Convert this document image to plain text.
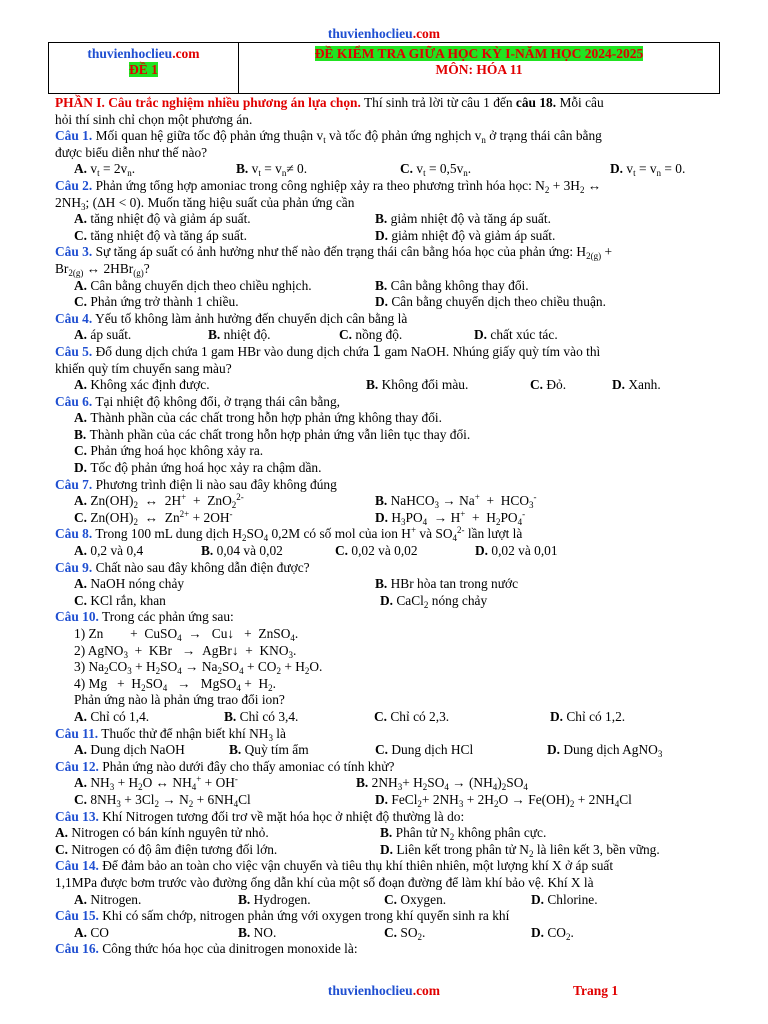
thuvienhoclieu.com
thuvienhoclieu.com
ĐỀ 1
ĐỀ KIỂM TRA GIỮA HỌC KỲ I-NĂM HỌC 2024-2025
MÔN: HÓA 11
PHẦN I. Câu trắc nghiệm nhiều phương án lựa chọn. Thí sinh trả lời từ câu 1 đến câu 18. Mỗi câu
hỏi thí sinh chỉ chọn một phương án.
Câu 1. Mối quan hệ giữa tốc độ phản ứng thuận $v_t$ và tốc độ phản ứng nghịch $v_n$ ở trạng thái cân bằng
được biểu diễn như thế nào?
A. $v_t = 2v_n$.	B. $v_t = v_n\ne 0$.	C. $v_t = 0,5v_n$.	D. $v_t = v_n = 0$.
Câu 2. Phản ứng tổng hợp amoniac trong công nghiệp xảy ra theo phương trình hóa học: $N_2 + 3H_2$ ↔
$2NH_3$; (ΔH < 0). Muốn tăng hiệu suất của phản ứng cần
A. tăng nhiệt độ và giảm áp suất.	B. giảm nhiệt độ và tăng áp suất.
C. tăng nhiệt độ và tăng áp suất.	D. giảm nhiệt độ và giảm áp suất.
Câu 3. Sự tăng áp suất có ảnh hưởng như thế nào đến trạng thái cân bằng hóa học của phản ứng: $H_{2(g)}$ +
$Br_{2(g)}$ ↔ 2HBr$_{(g)}$?
A. Cân bằng chuyển dịch theo chiều nghịch.	B. Cân bằng không thay đổi.
C. Phản ứng trở thành 1 chiều.	D. Cân bằng chuyển dịch theo chiều thuận.
Câu 4. Yếu tố không làm ảnh hưởng đến chuyển dịch cân bằng là
A. áp suất.	B. nhiệt độ.	C. nồng độ.	D. chất xúc tác.
Câu 5. Đổ dung dịch chứa 1 gam HBr vào dung dịch chứa 1 gam NaOH. Nhúng giấy quỳ tím vào thì
khiến quỳ tím chuyển sang màu?
A. Không xác định được.	B. Không đổi màu.	C. Đỏ.	D. Xanh.
Câu 6. Tại nhiệt độ không đổi, ở trạng thái cân bằng,
A. Thành phần của các chất trong hỗn hợp phản ứng không thay đổi.
B. Thành phần của các chất trong hỗn hợp phản ứng vẫn liên tục thay đổi.
C. Phản ứng hoá học không xảy ra.
D. Tốc độ phản ứng hoá học xảy ra chậm dần.
Câu 7. Phương trình điện li nào sau đây không đúng
A. $Zn(OH)_2$  ↔  2H+  +  ZnO$_2^{2-}$	B. NaHCO$_3$ → $Na^+ + HCO_3^-$
C. $Zn(OH)_2$  ↔  $Zn^{2+} + 2OH^-$	D. $H_3PO_4 \to H^+ + H_2PO_4^-$
Câu 8. Trong 100 mL dung dịch $H_2SO_4$ 0,2M có số mol của ion H+ và $SO_4^{2-}$ lần lượt là
A. 0,2 và 0,4	B. 0,04 và 0,02	C. 0,02 và 0,02	D. 0,02 và 0,01
Câu 9. Chất nào sau đây không dẫn điện được?
A. NaOH nóng chảy	B. HBr hòa tan trong nước
C. KCl rắn, khan	D. CaCl$_2$ nóng chảy
Câu 10. Trong các phản ứng sau:
1) Zn        +  CuSO$_4$  →   Cu↓   +  ZnSO$_4$.
2) AgNO$_3$  +  KBr   →  AgBr↓  +  $KNO_3$.
3) $Na_2CO_3 + H_2SO_4 \to Na_2SO_4 + CO_2 + H_2O$.
4) $Mg + H_2SO_4$   →   MgSO$_4$ +  $H_2$.
Phản ứng nào là phản ứng trao đổi ion?
A. Chỉ có 1,4.	B. Chỉ có 3,4.	C. Chỉ có 2,3.	D. Chỉ có 1,2.
Câu 11. Thuốc thử để nhận biết khí $NH_3$ là
A. Dung dịch NaOH	B. Quỳ tím ẩm	C. Dung dịch HCl	D. Dung dịch AgNO$_3$
Câu 12. Phản ứng nào dưới đây cho thấy amoniac có tính khử?
A. $NH_3 + H_2O$ ↔ $NH_4^+ + OH^-$	B. $2NH_3+ H_2SO_4 \to (NH_4)_2SO_4$
C. $8NH_3 + 3Cl_2 \to N_2 + 6NH_4Cl$	D. FeCl$_2$+ $2NH_3 + 2H_2O \to Fe(OH)_2 + 2NH_4Cl$
Câu 13. Khí Nitrogen tương đối trơ về mặt hóa học ở nhiệt độ thường là do:
A. Nitrogen có bán kính nguyên tử nhỏ.	B. Phân tử $N_2$ không phân cực.
C. Nitrogen có độ âm điện tương đối lớn.	D. Liên kết trong phân tử $N_2$ là liên kết 3, bền vững.
Câu 14. Để đảm bảo an toàn cho việc vận chuyển và tiêu thụ khí thiên nhiên, một lượng khí X ở áp suất
1,1MPa được bơm trước vào đường ống dẫn khí của một số đoạn đường để làm khí bảo vệ. Khí X là
A. Nitrogen.	B. Hydrogen.	C. Oxygen.	D. Chlorine.
Câu 15. Khi có sấm chớp, nitrogen phản ứng với oxygen trong khí quyển sinh ra khí
A. CO	B. NO.	C. $SO_2$.	D. $CO_2$.
Câu 16. Công thức hóa học của dinitrogen monoxide là:
thuvienhoclieu.com	Trang 1
